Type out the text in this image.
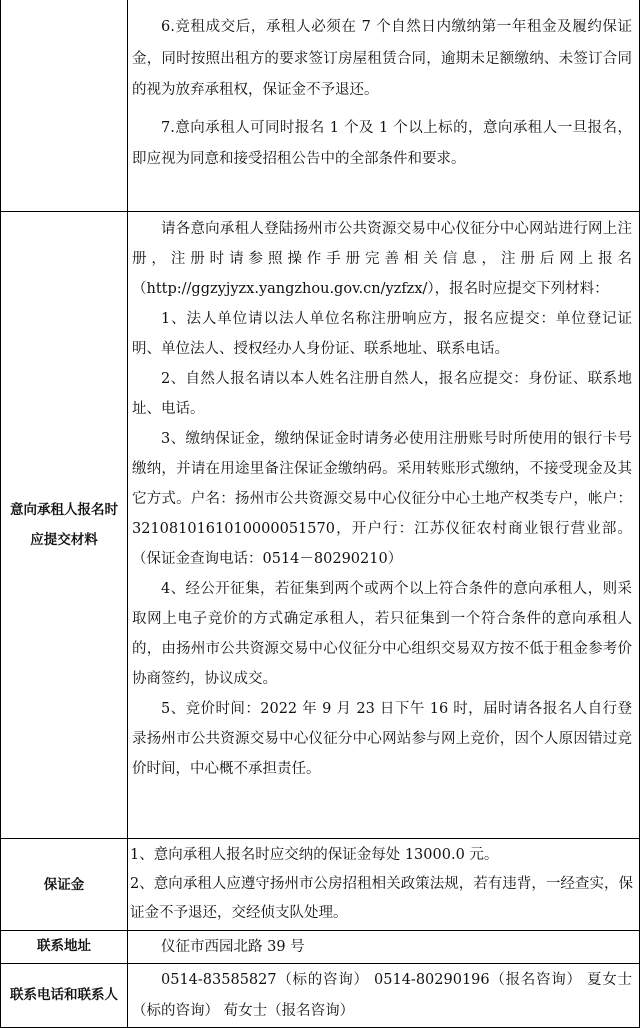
6.竞租成交后，承租人必须在 7 个自然日内缴纳第一年租金及履约保证金，同时按照出租方的要求签订房屋租赁合同，逾期未足额缴纳、未签订合同的视为放弃承租权，保证金不予退还。

7.意向承租人可同时报名 1 个及 1 个以上标的，意向承租人一旦报名，即应视为同意和接受招租公告中的全部条件和要求。

意向承租人报名时
应提交材料

请各意向承租人登陆扬州市公共资源交易中心仪征分中心网站进行网上注册，注册时请参照操作手册完善相关信息，注册后网上报名（http://ggzyjyzx.yangzhou.gov.cn/yzfzx/），报名时应提交下列材料：

1、法人单位请以法人单位名称注册响应方，报名应提交：单位登记证明、单位法人、授权经办人身份证、联系地址、联系电话。

2、自然人报名请以本人姓名注册自然人，报名应提交：身份证、联系地址、电话。

3、缴纳保证金，缴纳保证金时请务必使用注册账号时所使用的银行卡号缴纳，并请在用途里备注保证金缴纳码。采用转账形式缴纳，不接受现金及其它方式。户名：扬州市公共资源交易中心仪征分中心土地产权类专户，帐户：3210810161010000051570，开户行：江苏仪征农村商业银行营业部。（保证金查询电话：0514－80290210）

4、经公开征集，若征集到两个或两个以上符合条件的意向承租人，则采取网上电子竞价的方式确定承租人，若只征集到一个符合条件的意向承租人的，由扬州市公共资源交易中心仪征分中心组织交易双方按不低于租金参考价协商签约，协议成交。

5、竞价时间：2022 年 9 月 23 日下午 16 时，届时请各报名人自行登录扬州市公共资源交易中心仪征分中心网站参与网上竞价，因个人原因错过竞价时间，中心概不承担责任。

保证金

1、意向承租人报名时应交纳的保证金每处 13000.0 元。

2、意向承租人应遵守扬州市公房招租相关政策法规，若有违背，一经查实，保证金不予退还，交经侦支队处理。

联系地址	仪征市西园北路 39 号

联系电话和联系人

0514-83585827（标的咨询） 0514-80290196（报名咨询） 夏女士（标的咨询） 荀女士（报名咨询）
